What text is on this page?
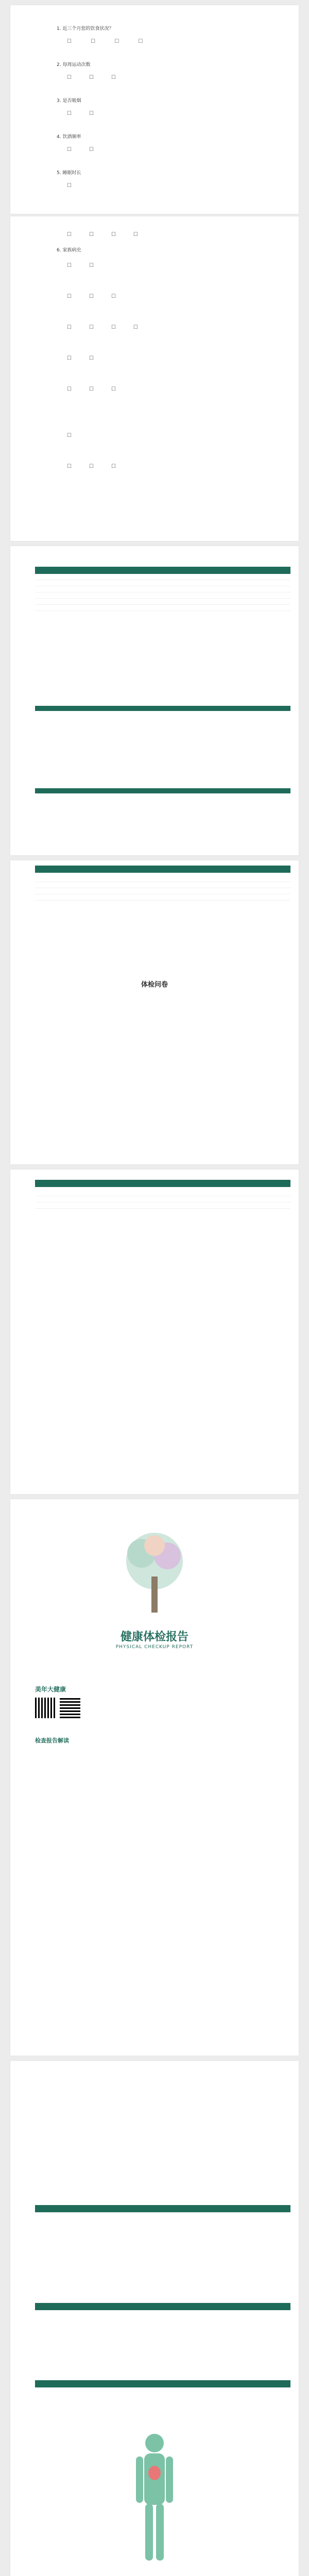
1. 近三个月您的饮食状况？
☐ ☐ ☐ ☐
2. 每周运动次数
☐☐☐
3. 是否吸烟
☐☐
4. 饮酒频率
☐☐
5. 睡眠时长
☐
☐☐☐☐
6. 家族病史
☐☐
☐☐☐
☐☐☐☐
☐☐
☐☐☐
☐
☐☐☐
体检问卷
健康体检报告
PHYSICAL CHECKUP REPORT
美年大健康
检查报告解读
